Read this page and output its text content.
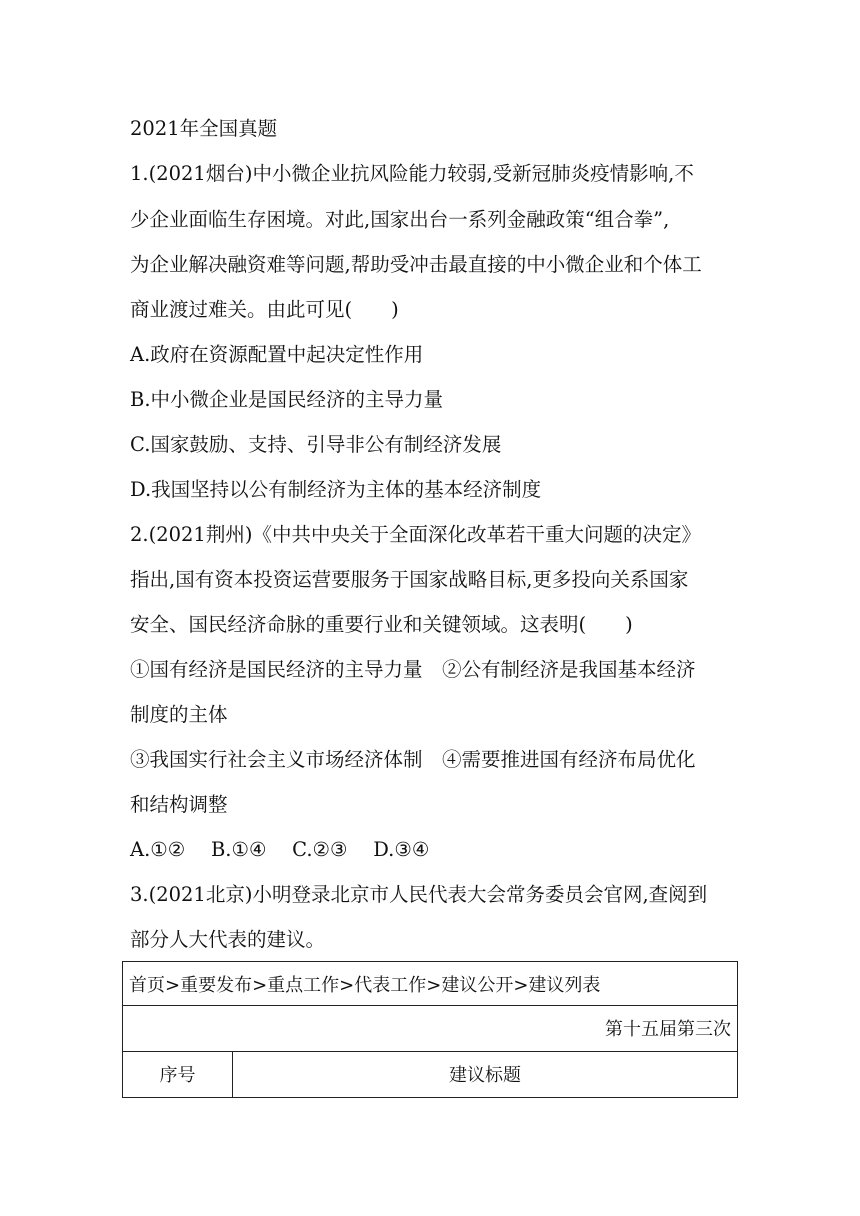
2021年全国真题
1.(2021烟台)中小微企业抗风险能力较弱,受新冠肺炎疫情影响,不
少企业面临生存困境。对此,国家出台一系列金融政策“组合拳”,
为企业解决融资难等问题,帮助受冲击最直接的中小微企业和个体工
商业渡过难关。由此可见(　　)
A.政府在资源配置中起决定性作用
B.中小微企业是国民经济的主导力量
C.国家鼓励、支持、引导非公有制经济发展
D.我国坚持以公有制经济为主体的基本经济制度
2.(2021荆州)《中共中央关于全面深化改革若干重大问题的决定》
指出,国有资本投资运营要服务于国家战略目标,更多投向关系国家
安全、国民经济命脉的重要行业和关键领域。这表明(　　)
①国有经济是国民经济的主导力量　②公有制经济是我国基本经济
制度的主体
③我国实行社会主义市场经济体制　④需要推进国有经济布局优化
和结构调整
A.①②　 B.①④　 C.②③　 D.③④
3.(2021北京)小明登录北京市人民代表大会常务委员会官网,查阅到
部分人大代表的建议。
首页>重要发布>重点工作>代表工作>建议公开>建议列表
第十五届第三次
序号	建议标题
